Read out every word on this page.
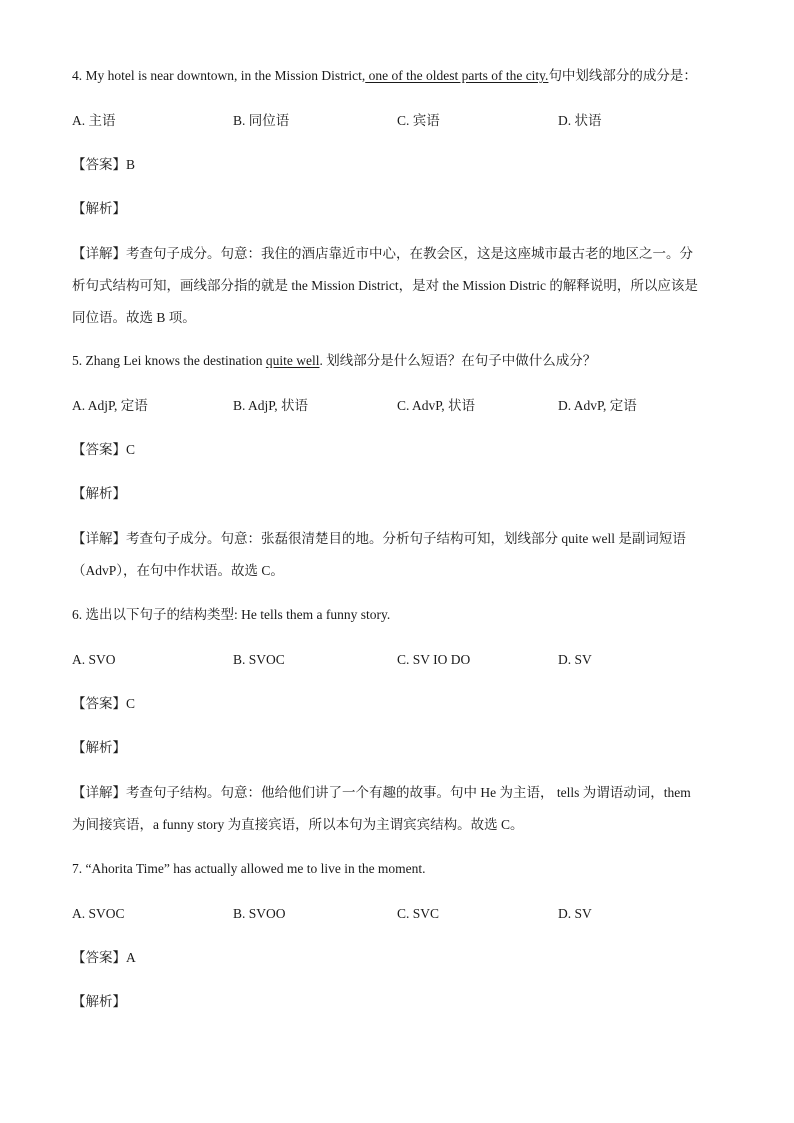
4. My hotel is near downtown, in the Mission District, one of the oldest parts of the city.句中划线部分的成分是：
A. 主语	B. 同位语	C. 宾语	D. 状语
【答案】B
【解析】
【详解】考查句子成分。句意：我住的酒店靠近市中心，在教会区，这是这座城市最古老的地区之一。分
析句式结构可知，画线部分指的就是 the Mission District，是对 the Mission Distric 的解释说明，所以应该是
同位语。故选 B 项。
5. Zhang Lei knows the destination quite well. 划线部分是什么短语？在句子中做什么成分？
A. AdjP, 定语	B. AdjP, 状语	C. AdvP, 状语	D. AdvP, 定语
【答案】C
【解析】
【详解】考查句子成分。句意：张磊很清楚目的地。分析句子结构可知，划线部分 quite well 是副词短语
（AdvP），在句中作状语。故选 C。
6. 选出以下句子的结构类型: He tells them a funny story.
A. SVO	B. SVOC	C. SV IO DO	D. SV
【答案】C
【解析】
【详解】考查句子结构。句意：他给他们讲了一个有趣的故事。句中 He 为主语， tells 为谓语动词，them
为间接宾语，a funny story 为直接宾语，所以本句为主谓宾宾结构。故选 C。
7. “Ahorita Time” has actually allowed me to live in the moment.
A. SVOC	B. SVOO	C. SVC	D. SV
【答案】A
【解析】
